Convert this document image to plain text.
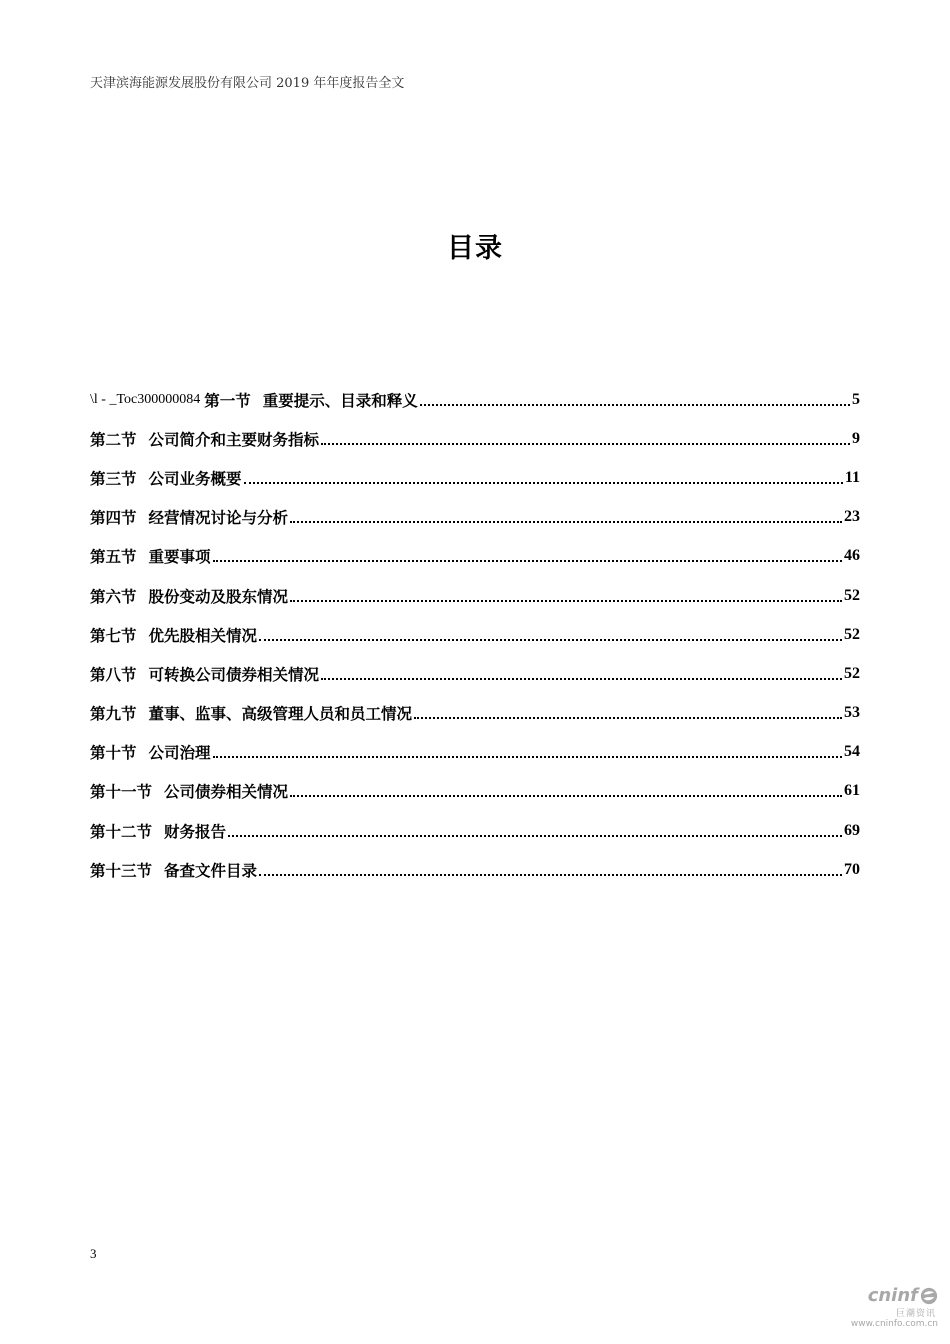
天津滨海能源发展股份有限公司 2019 年年度报告全文
目录
\l - _Toc300000084 第一节 重要提示、目录和释义	5
第二节 公司简介和主要财务指标	9
第三节 公司业务概要	11
第四节 经营情况讨论与分析	23
第五节 重要事项	46
第六节 股份变动及股东情况	52
第七节 优先股相关情况	52
第八节 可转换公司债券相关情况	52
第九节 董事、监事、高级管理人员和员工情况	53
第十节 公司治理	54
第十一节 公司债券相关情况	61
第十二节 财务报告	69
第十三节 备查文件目录	70
3
cninf
巨潮资讯
www.cninfo.com.cn
